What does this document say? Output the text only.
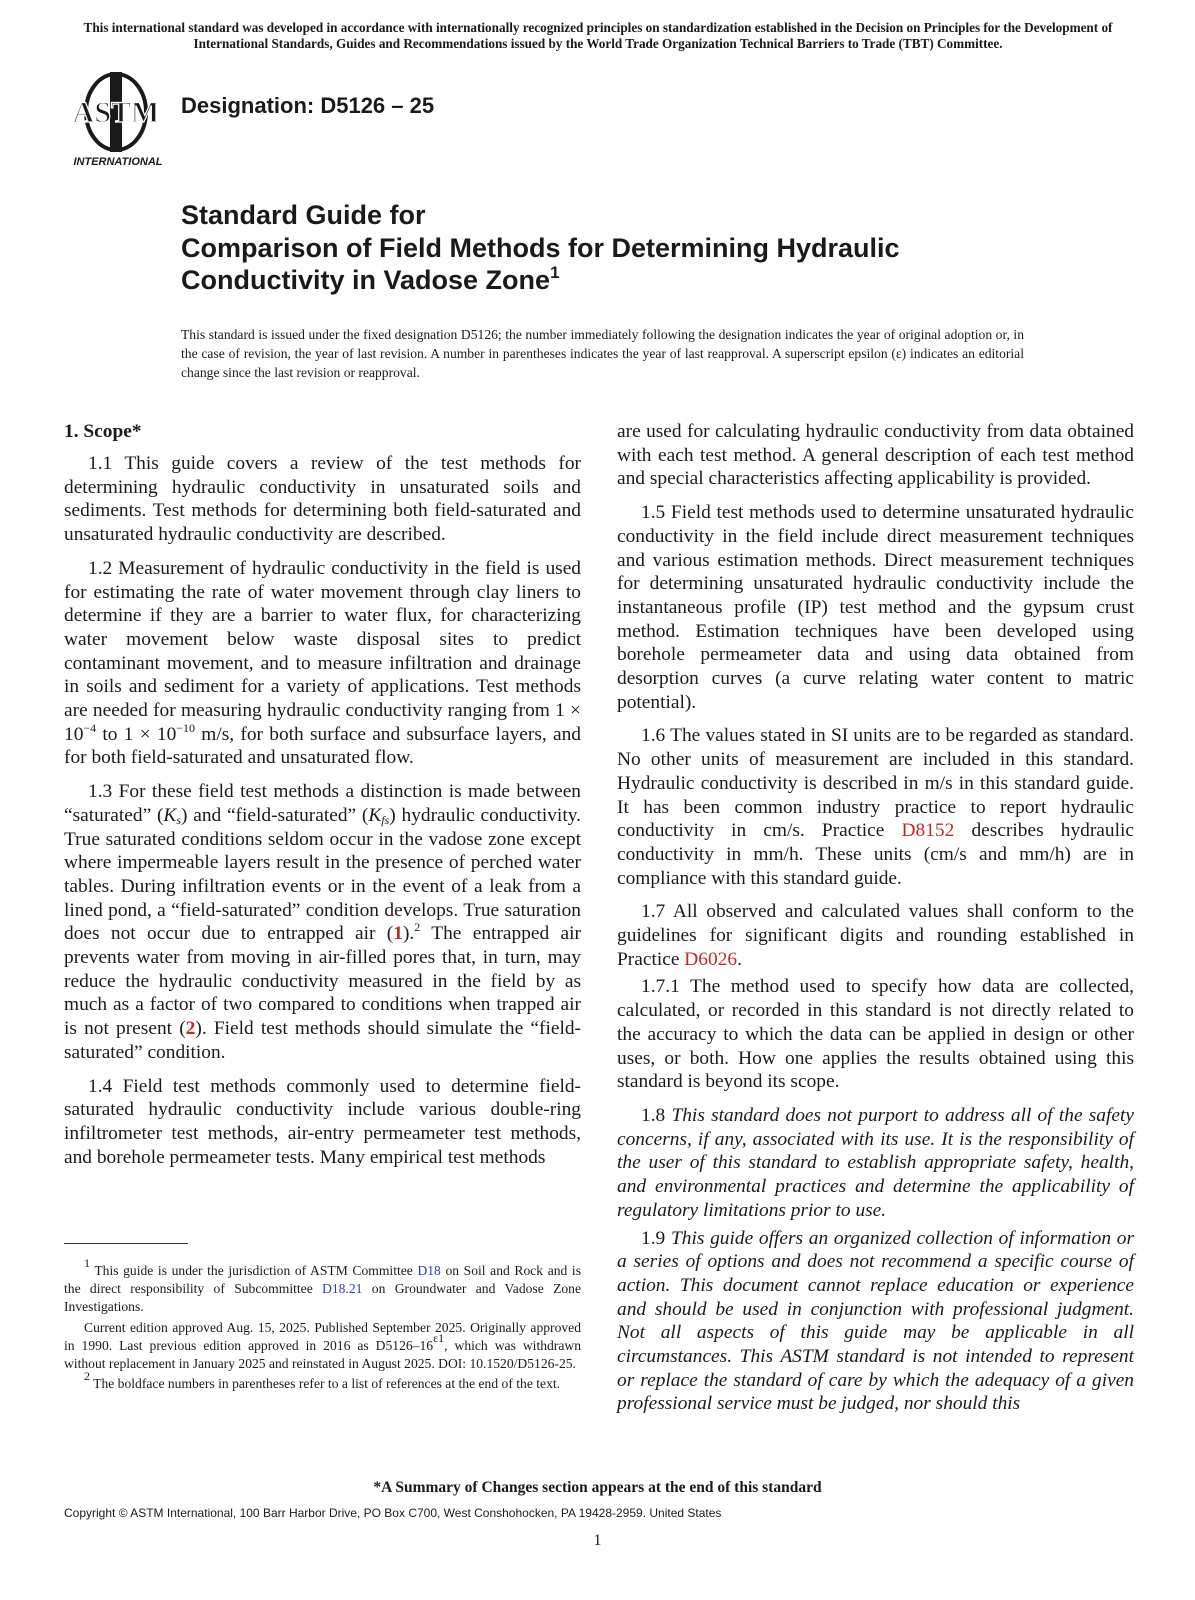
This international standard was developed in accordance with internationally recognized principles on standardization established in the Decision on Principles for the Development of International Standards, Guides and Recommendations issued by the World Trade Organization Technical Barriers to Trade (TBT) Committee.
ASTM
INTERNATIONAL
Designation: D5126 – 25
Standard Guide for
Comparison of Field Methods for Determining Hydraulic
Conductivity in Vadose Zone$^1$
This standard is issued under the fixed designation D5126; the number immediately following the designation indicates the year of original adoption or, in the case of revision, the year of last revision. A number in parentheses indicates the year of last reapproval. A superscript epsilon (ε) indicates an editorial change since the last revision or reapproval.
1. Scope*

1.1 This guide covers a review of the test methods for determining hydraulic conductivity in unsaturated soils and sediments. Test methods for determining both field-saturated and unsaturated hydraulic conductivity are described.

1.2 Measurement of hydraulic conductivity in the field is used for estimating the rate of water movement through clay liners to determine if they are a barrier to water flux, for characterizing water movement below waste disposal sites to predict contaminant movement, and to measure infiltration and drainage in soils and sediment for a variety of applications. Test methods are needed for measuring hydraulic conductivity ranging from $1 \times 10^{-4}$ to $1 \times 10^{-10}$ m/s, for both surface and subsurface layers, and for both field-saturated and unsaturated flow.

1.3 For these field test methods a distinction is made between “saturated” $(K_s)$ and “field-saturated” $(K_{fs})$ hydraulic conductivity. True saturated conditions seldom occur in the vadose zone except where impermeable layers result in the presence of perched water tables. During infiltration events or in the event of a leak from a lined pond, a “field-saturated” condition develops. True saturation does not occur due to entrapped air (1).$^2$ The entrapped air prevents water from moving in air-filled pores that, in turn, may reduce the hydraulic conductivity measured in the field by as much as a factor of two compared to conditions when trapped air is not present (2). Field test methods should simulate the “field-saturated” condition.

1.4 Field test methods commonly used to determine field-saturated hydraulic conductivity include various double-ring infiltrometer test methods, air-entry permeameter test methods, and borehole permeameter tests. Many empirical test methods

are used for calculating hydraulic conductivity from data obtained with each test method. A general description of each test method and special characteristics affecting applicability is provided.

1.5 Field test methods used to determine unsaturated hydraulic conductivity in the field include direct measurement techniques and various estimation methods. Direct measurement techniques for determining unsaturated hydraulic conductivity include the instantaneous profile (IP) test method and the gypsum crust method. Estimation techniques have been developed using borehole permeameter data and using data obtained from desorption curves (a curve relating water content to matric potential).

1.6 The values stated in SI units are to be regarded as standard. No other units of measurement are included in this standard. Hydraulic conductivity is described in m/s in this standard guide. It has been common industry practice to report hydraulic conductivity in cm/s. Practice D8152 describes hydraulic conductivity in mm/h. These units (cm/s and mm/h) are in compliance with this standard guide.

1.7 All observed and calculated values shall conform to the guidelines for significant digits and rounding established in Practice D6026.

1.7.1 The method used to specify how data are collected, calculated, or recorded in this standard is not directly related to the accuracy to which the data can be applied in design or other uses, or both. How one applies the results obtained using this standard is beyond its scope.

1.8 This standard does not purport to address all of the safety concerns, if any, associated with its use. It is the responsibility of the user of this standard to establish appropriate safety, health, and environmental practices and determine the applicability of regulatory limitations prior to use.

1.9 This guide offers an organized collection of information or a series of options and does not recommend a specific course of action. This document cannot replace education or experience and should be used in conjunction with professional judgment. Not all aspects of this guide may be applicable in all circumstances. This ASTM standard is not intended to represent or replace the standard of care by which the adequacy of a given professional service must be judged, nor should this

$^1$ This guide is under the jurisdiction of ASTM Committee D18 on Soil and Rock and is the direct responsibility of Subcommittee D18.21 on Groundwater and Vadose Zone Investigations.

Current edition approved Aug. 15, 2025. Published September 2025. Originally approved in 1990. Last previous edition approved in 2016 as $D5126-16^{\varepsilon 1}$, which was withdrawn without replacement in January 2025 and reinstated in August 2025. DOI: 10.1520/D5126-25.

$^2$ The boldface numbers in parentheses refer to a list of references at the end of the text.

*A Summary of Changes section appears at the end of this standard
Copyright © ASTM International, 100 Barr Harbor Drive, PO Box C700, West Conshohocken, PA 19428-2959. United States
1
